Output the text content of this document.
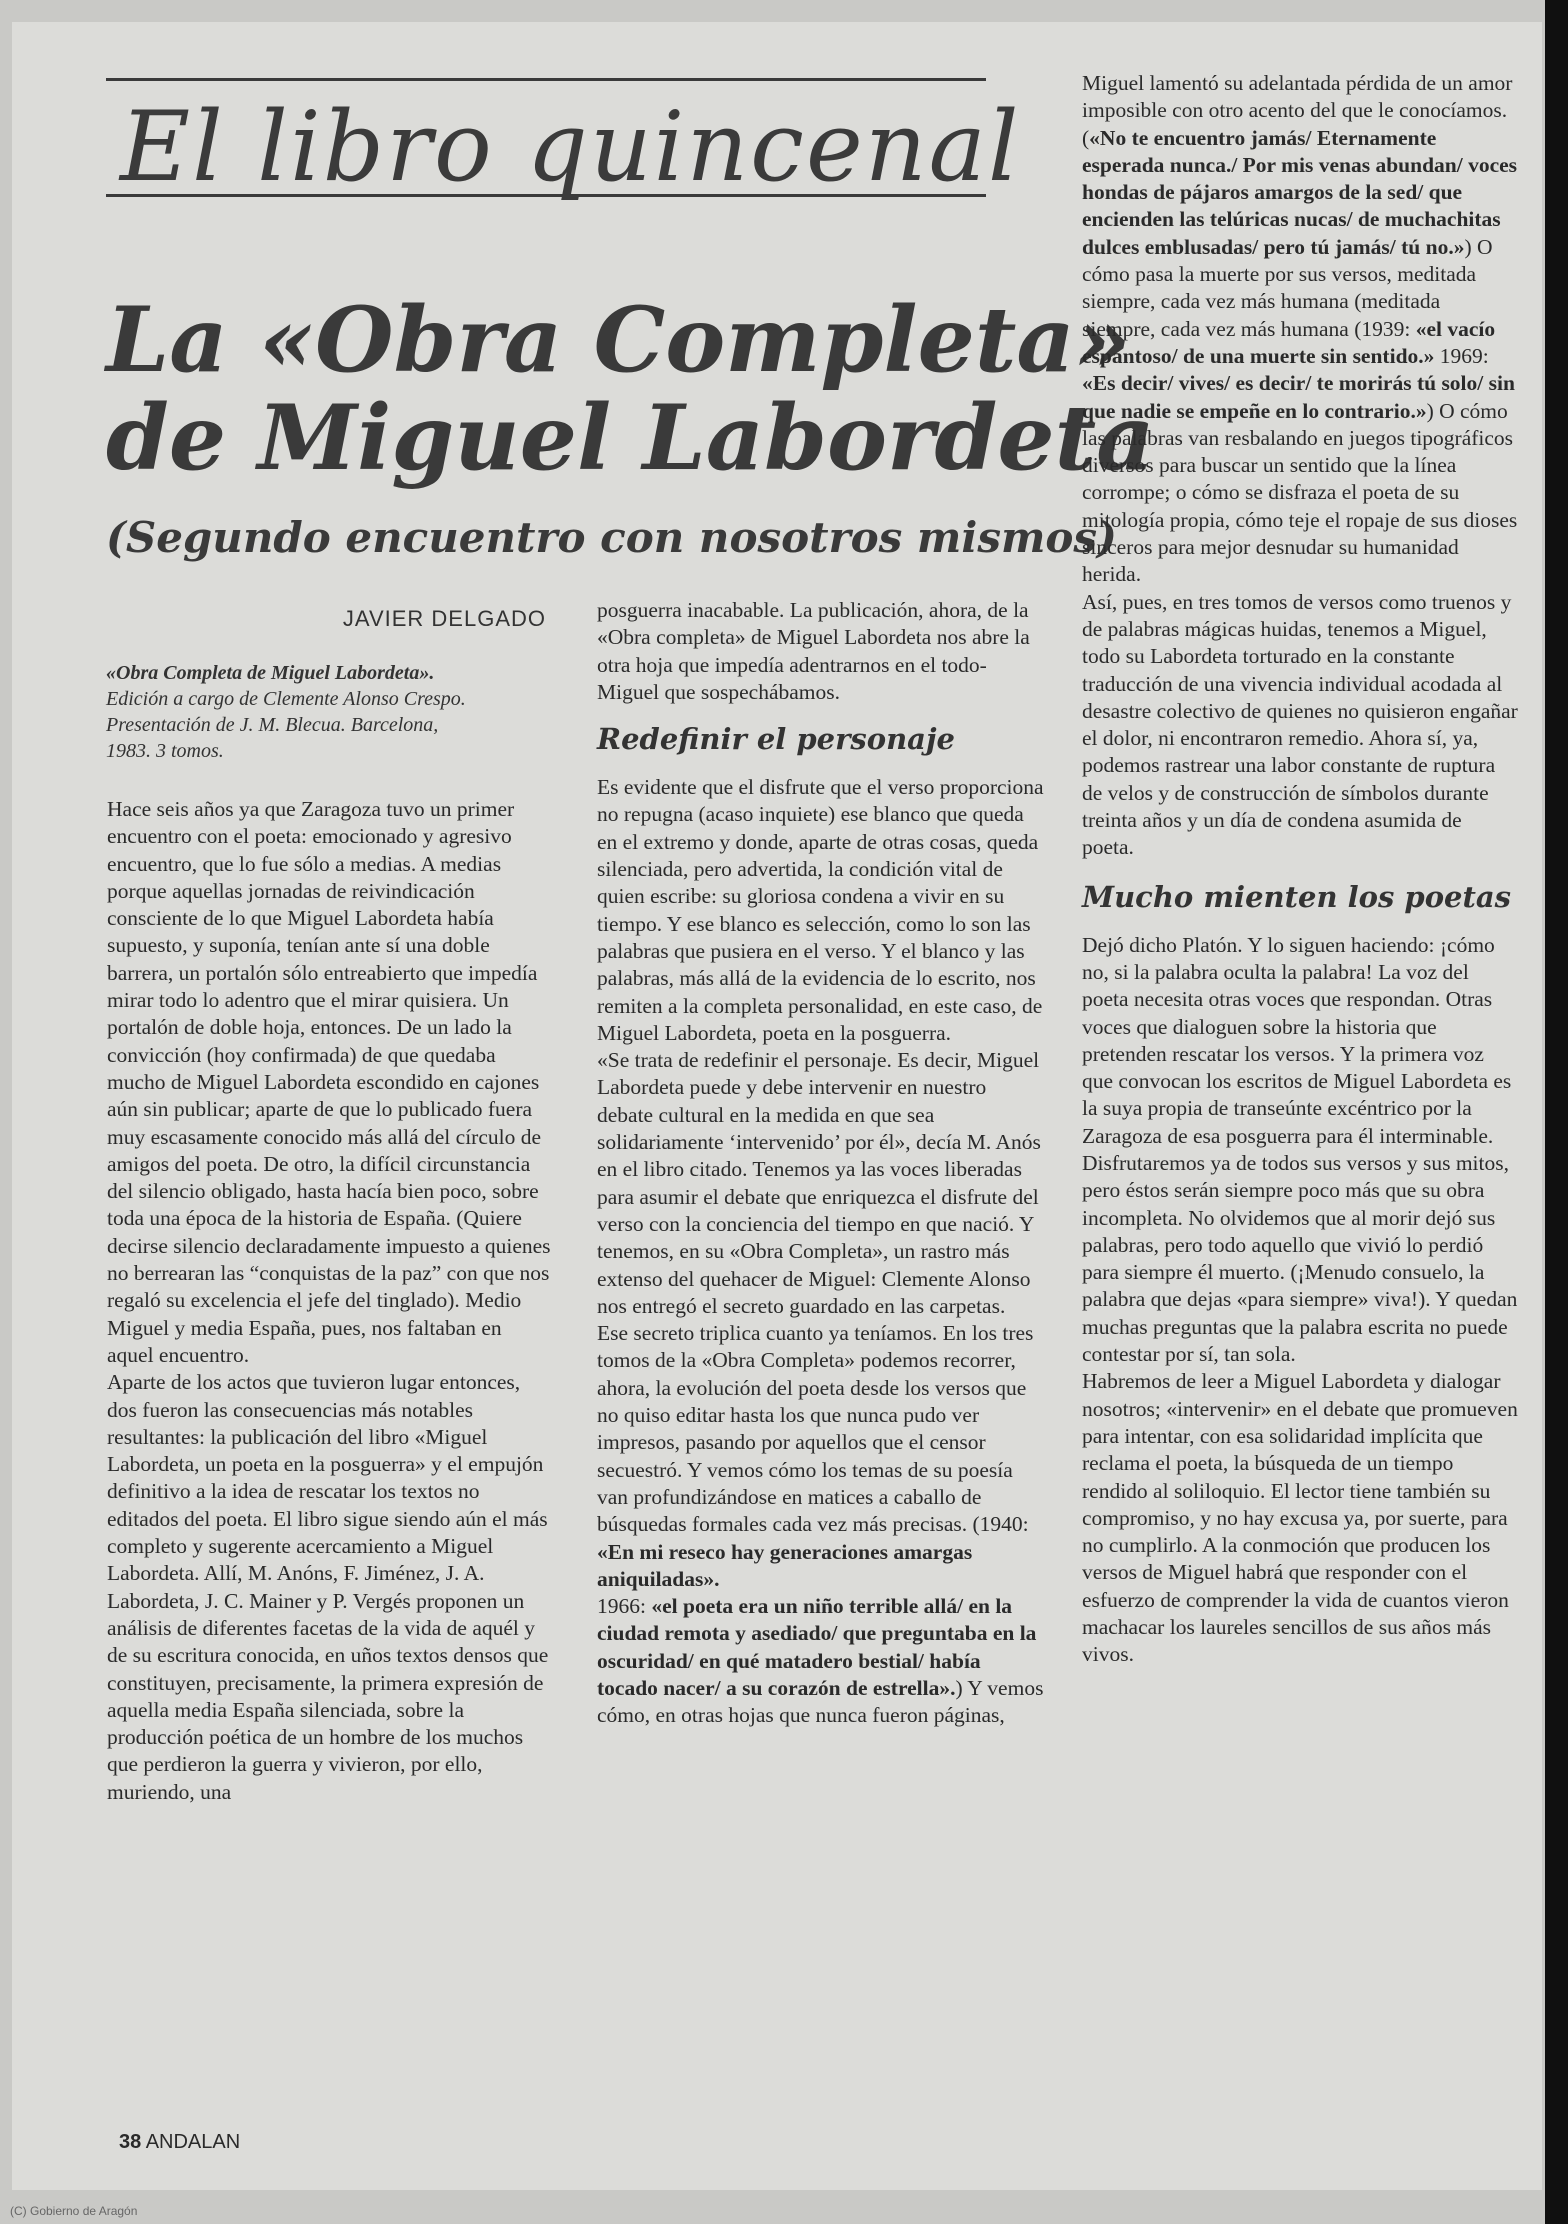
El libro quincenal
La «Obra Completa»
de Miguel Labordeta
(Segundo encuentro con nosotros mismos)
JAVIER DELGADO
«Obra Completa de Miguel Labordeta».
Edición a cargo de Clemente Alonso Crespo.
Presentación de J. M. Blecua. Barcelona,
1983. 3 tomos.

Hace seis años ya que Zaragoza tuvo un primer encuentro con el poeta: emocionado y agresivo encuentro, que lo fue sólo a medias. A medias porque aquellas jornadas de reivindicación consciente de lo que Miguel Labordeta había supuesto, y suponía, tenían ante sí una doble barrera, un portalón sólo entreabierto que impedía mirar todo lo adentro que el mirar quisiera. Un portalón de doble hoja, entonces. De un lado la convicción (hoy confirmada) de que quedaba mucho de Miguel Labordeta escondido en cajones aún sin publicar; aparte de que lo publicado fuera muy escasamente conocido más allá del círculo de amigos del poeta. De otro, la difícil circunstancia del silencio obligado, hasta hacía bien poco, sobre toda una época de la historia de España. (Quiere decirse silencio declaradamente impuesto a quienes no berrearan las “conquistas de la paz” con que nos regaló su excelencia el jefe del tinglado). Medio Miguel y media España, pues, nos faltaban en aquel encuentro.

Aparte de los actos que tuvieron lugar entonces, dos fueron las consecuencias más notables resultantes: la publicación del libro «Miguel Labordeta, un poeta en la posguerra» y el empujón definitivo a la idea de rescatar los textos no editados del poeta. El libro sigue siendo aún el más completo y sugerente acercamiento a Miguel Labordeta. Allí, M. Anóns, F. Jiménez, J. A. Labordeta, J. C. Mainer y P. Vergés proponen un análisis de diferentes facetas de la vida de aquél y de su escritura conocida, en uños textos densos que constituyen, precisamente, la primera expresión de aquella media España silenciada, sobre la producción poética de un hombre de los muchos que perdieron la guerra y vivieron, por ello, muriendo, una

posguerra inacabable. La publicación, ahora, de la «Obra completa» de Miguel Labordeta nos abre la otra hoja que impedía adentrarnos en el todo-Miguel que sospechábamos.

Redefinir el personaje

Es evidente que el disfrute que el verso proporciona no repugna (acaso inquiete) ese blanco que queda en el extremo y donde, aparte de otras cosas, queda silenciada, pero advertida, la condición vital de quien escribe: su gloriosa condena a vivir en su tiempo. Y ese blanco es selección, como lo son las palabras que pusiera en el verso. Y el blanco y las palabras, más allá de la evidencia de lo escrito, nos remiten a la completa personalidad, en este caso, de Miguel Labordeta, poeta en la posguerra.

«Se trata de redefinir el personaje. Es decir, Miguel Labordeta puede y debe intervenir en nuestro debate cultural en la medida en que sea solidariamente ‘intervenido’ por él», decía M. Anós en el libro citado. Tenemos ya las voces liberadas para asumir el debate que enriquezca el disfrute del verso con la conciencia del tiempo en que nació. Y tenemos, en su «Obra Completa», un rastro más extenso del quehacer de Miguel: Clemente Alonso nos entregó el secreto guardado en las carpetas.

Ese secreto triplica cuanto ya teníamos. En los tres tomos de la «Obra Completa» podemos recorrer, ahora, la evolución del poeta desde los versos que no quiso editar hasta los que nunca pudo ver impresos, pasando por aquellos que el censor secuestró. Y vemos cómo los temas de su poesía van profundizándose en matices a caballo de búsquedas formales cada vez más precisas. (1940:

«En mi reseco hay generaciones amargas aniquiladas».

1966: «el poeta era un niño terrible allá/ en la ciudad remota y asediado/ que preguntaba en la oscuridad/ en qué matadero bestial/ había tocado nacer/ a su corazón de estrella».) Y vemos cómo, en otras hojas que nunca fueron páginas,

Miguel lamentó su adelantada pérdida de un amor imposible con otro acento del que le conocíamos. («No te encuentro jamás/ Eternamente esperada nunca./ Por mis venas abundan/ voces hondas de pájaros amargos de la sed/ que encienden las telúricas nucas/ de muchachitas dulces emblusadas/ pero tú jamás/ tú no.») O cómo pasa la muerte por sus versos, meditada siempre, cada vez más humana (meditada siempre, cada vez más humana (1939: «el vacío espantoso/ de una muerte sin sentido.» 1969: «Es decir/ vives/ es decir/ te morirás tú solo/ sin que nadie se empeñe en lo contrario.») O cómo las palabras van resbalando en juegos tipográficos diversos para buscar un sentido que la línea corrompe; o cómo se disfraza el poeta de su mitología propia, cómo teje el ropaje de sus dioses sinceros para mejor desnudar su humanidad herida.

Así, pues, en tres tomos de versos como truenos y de palabras mágicas huidas, tenemos a Miguel, todo su Labordeta torturado en la constante traducción de una vivencia individual acodada al desastre colectivo de quienes no quisieron engañar el dolor, ni encontraron remedio. Ahora sí, ya, podemos rastrear una labor constante de ruptura de velos y de construcción de símbolos durante treinta años y un día de condena asumida de poeta.

Mucho mienten los poetas

Dejó dicho Platón. Y lo siguen haciendo: ¡cómo no, si la palabra oculta la palabra! La voz del poeta necesita otras voces que respondan. Otras voces que dialoguen sobre la historia que pretenden rescatar los versos. Y la primera voz que convocan los escritos de Miguel Labordeta es la suya propia de transeúnte excéntrico por la Zaragoza de esa posguerra para él interminable. Disfrutaremos ya de todos sus versos y sus mitos, pero éstos serán siempre poco más que su obra incompleta. No olvidemos que al morir dejó sus palabras, pero todo aquello que vivió lo perdió para siempre él muerto. (¡Menudo consuelo, la palabra que dejas «para siempre» viva!). Y quedan muchas preguntas que la palabra escrita no puede contestar por sí, tan sola.

Habremos de leer a Miguel Labordeta y dialogar nosotros; «intervenir» en el debate que promueven para intentar, con esa solidaridad implícita que reclama el poeta, la búsqueda de un tiempo rendido al soliloquio. El lector tiene también su compromiso, y no hay excusa ya, por suerte, para no cumplirlo. A la conmoción que producen los versos de Miguel habrá que responder con el esfuerzo de comprender la vida de cuantos vieron machacar los laureles sencillos de sus años más vivos.

38 ANDALAN
(C) Gobierno de Aragón
